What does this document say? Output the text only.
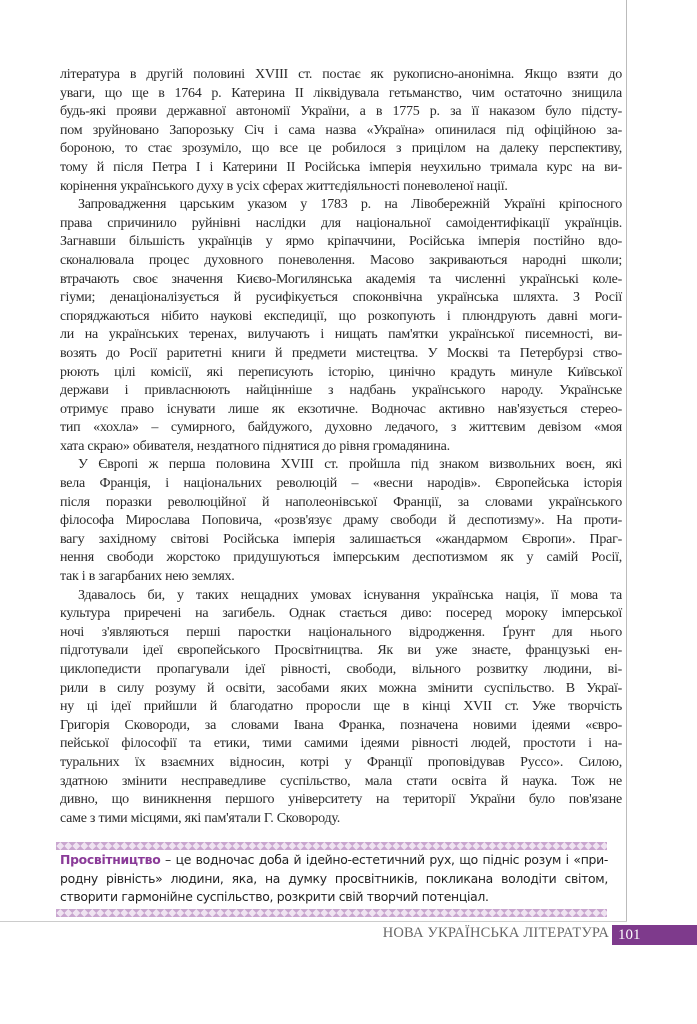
література в другій половині XVIII ст. постає як рукописно-анонімна. Якщо взяти до
уваги, що ще в 1764 р. Катерина II ліквідувала гетьманство, чим остаточно знищила
будь-які прояви державної автономії України, а в 1775 р. за її наказом було підсту-
пом зруйновано Запорозьку Січ і сама назва «Україна» опинилася під офіційною за-
бороною, то стає зрозуміло, що все це робилося з прицілом на далеку перспективу,
тому й після Петра I і Катерини II Російська імперія неухильно тримала курс на ви-
корінення українського духу в усіх сферах життєдіяльності поневоленої нації.
Запровадження царським указом у 1783 р. на Лівобережній Україні кріпосного
права спричинило руйнівні наслідки для національної самоідентифікації українців.
Загнавши більшість українців у ярмо кріпаччини, Російська імперія постійно вдо-
сконалювала процес духовного поневолення. Масово закриваються народні школи;
втрачають своє значення Києво-Могилянська академія та численні українські коле-
гіуми; денаціоналізується й русифікується споконвічна українська шляхта. З Росії
споряджаються нібито наукові експедиції, що розкопують і плюндрують давні моги-
ли на українських теренах, вилучають і нищать пам'ятки української писемності, ви-
возять до Росії раритетні книги й предмети мистецтва. У Москві та Петербурзі ство-
рюють цілі комісії, які переписують історію, цинічно крадуть минуле Київської
держави і привласнюють найцінніше з надбань українського народу. Українське
отримує право існувати лише як екзотичне. Водночас активно нав'язується стерео-
тип «хохла» – сумирного, байдужого, духовно ледачого, з життєвим девізом «моя
хата скраю» обивателя, нездатного піднятися до рівня громадянина.
У Європі ж перша половина XVIII ст. пройшла під знаком визвольних воєн, які
вела Франція, і національних революцій – «весни народів». Європейська історія
після поразки революційної й наполеонівської Франції, за словами українського
філософа Мирослава Поповича, «розв'язує драму свободи й деспотизму». На проти-
вагу західному світові Російська імперія залишається «жандармом Європи». Праг-
нення свободи жорстоко придушуються імперським деспотизмом як у самій Росії,
так і в загарбаних нею землях.
Здавалось би, у таких нещадних умовах існування українська нація, її мова та
культура приречені на загибель. Однак стається диво: посеред мороку імперської
ночі з'являються перші паростки національного відродження. Ґрунт для нього
підготували ідеї європейського Просвітництва. Як ви уже знаєте, французькі ен-
циклопедисти пропагували ідеї рівності, свободи, вільного розвитку людини, ві-
рили в силу розуму й освіти, засобами яких можна змінити суспільство. В Украї-
ну ці ідеї прийшли й благодатно проросли ще в кінці XVII ст. Уже творчість
Григорія Сковороди, за словами Івана Франка, позначена новими ідеями «євро-
пейської філософії та етики, тими самими ідеями рівності людей, простоти і на-
туральних їх взаємних відносин, котрі у Франції проповідував Руссо». Силою,
здатною змінити несправедливе суспільство, мала стати освіта й наука. Тож не
дивно, що виникнення першого університету на території України було пов'язане
саме з тими місцями, які пам'ятали Г. Сковороду.
Просвітництво – це водночас доба й ідейно-естетичний рух, що підніс розум і «при-
родну рівність» людини, яка, на думку просвітників, покликана володіти світом,
створити гармонійне суспільство, розкрити свій творчий потенціал.
НОВА УКРАЇНСЬКА ЛІТЕРАТУРА 101
